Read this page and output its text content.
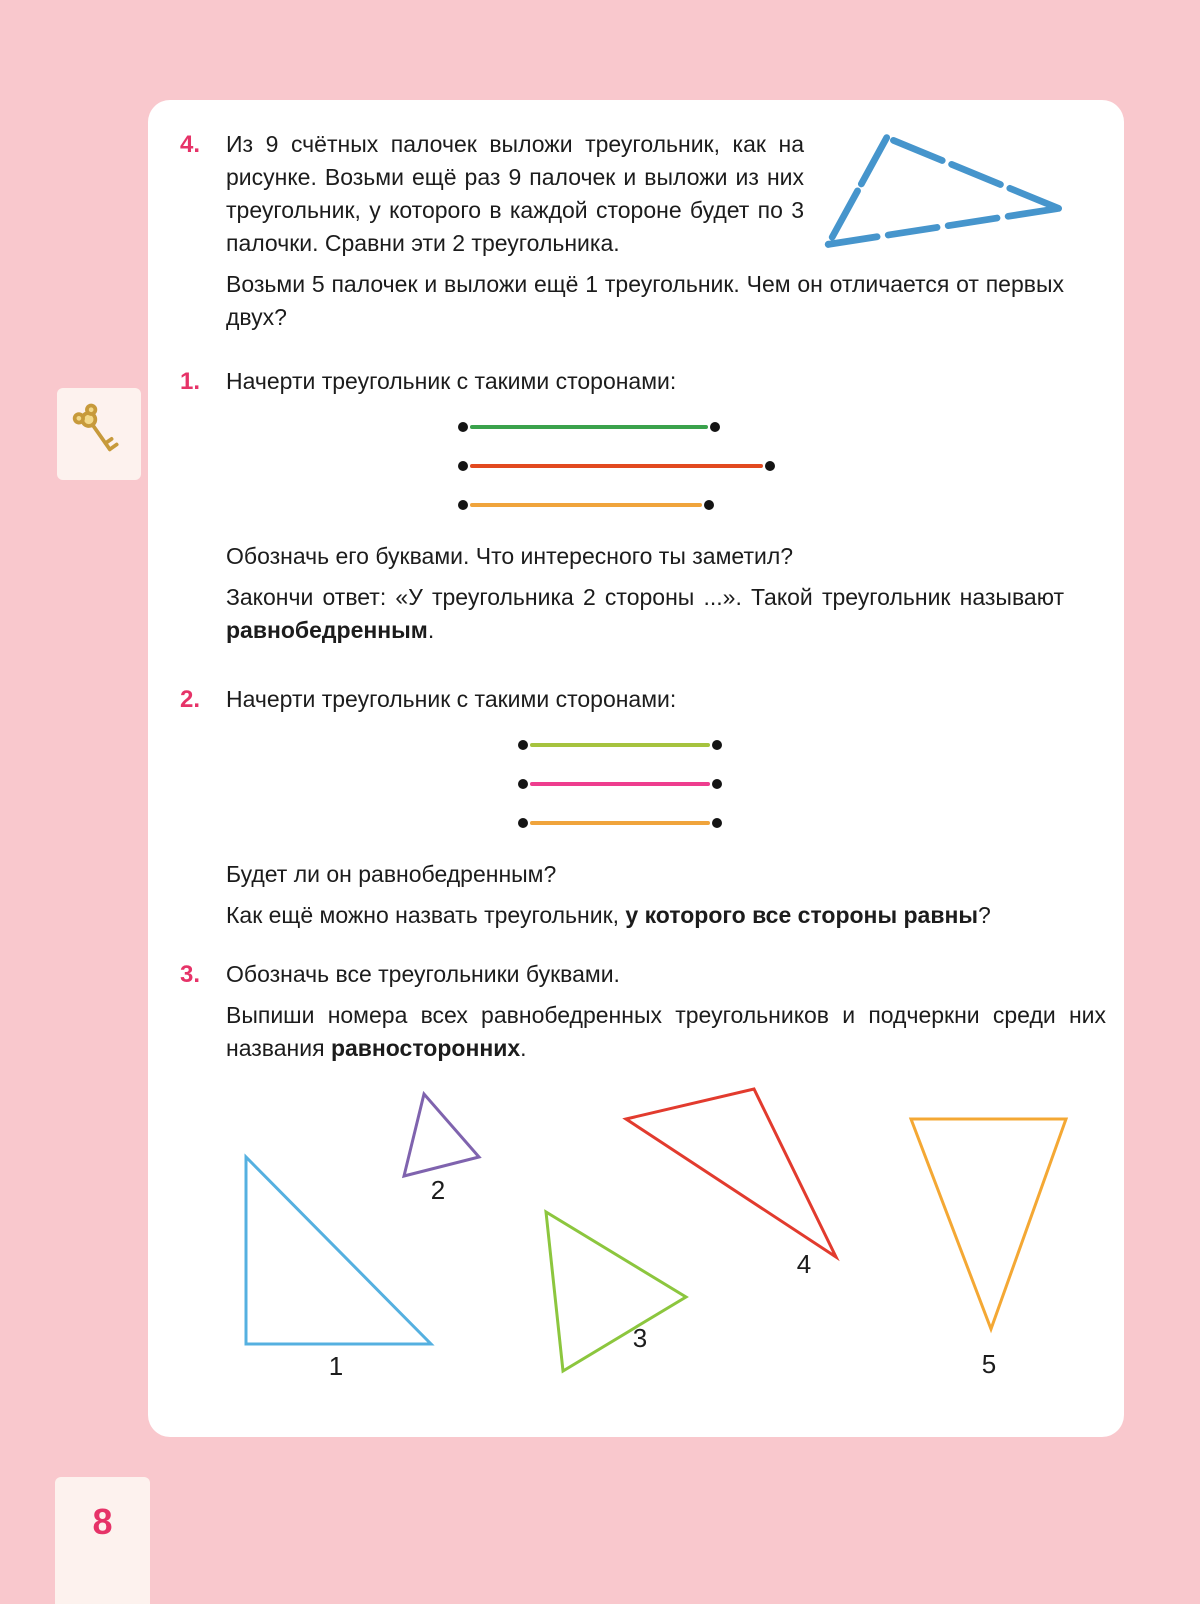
4.	Из 9 счётных палочек выложи треугольник, как на рисунке. Возьми ещё раз 9 палочек и выложи из них треугольник, у которого в каждой стороне будет по 3 палочки. Сравни эти 2 треугольника.

Возьми 5 палочек и выложи ещё 1 треугольник. Чем он отличается от первых двух?

1.	Начерти треугольник с такими сторонами:

Обозначь его буквами. Что интересного ты заметил?

Закончи ответ: «У треугольника 2 стороны ...». Такой треугольник называют равнобедренным.

2.	Начерти треугольник с такими сторонами:

Будет ли он равнобедренным?

Как ещё можно назвать треугольник, у которого все стороны равны?

3.	Обозначь все треугольники буквами.

Выпиши номера всех равнобедренных треугольников и подчеркни среди них названия равносторонних.

1
2
3
4
5
8
